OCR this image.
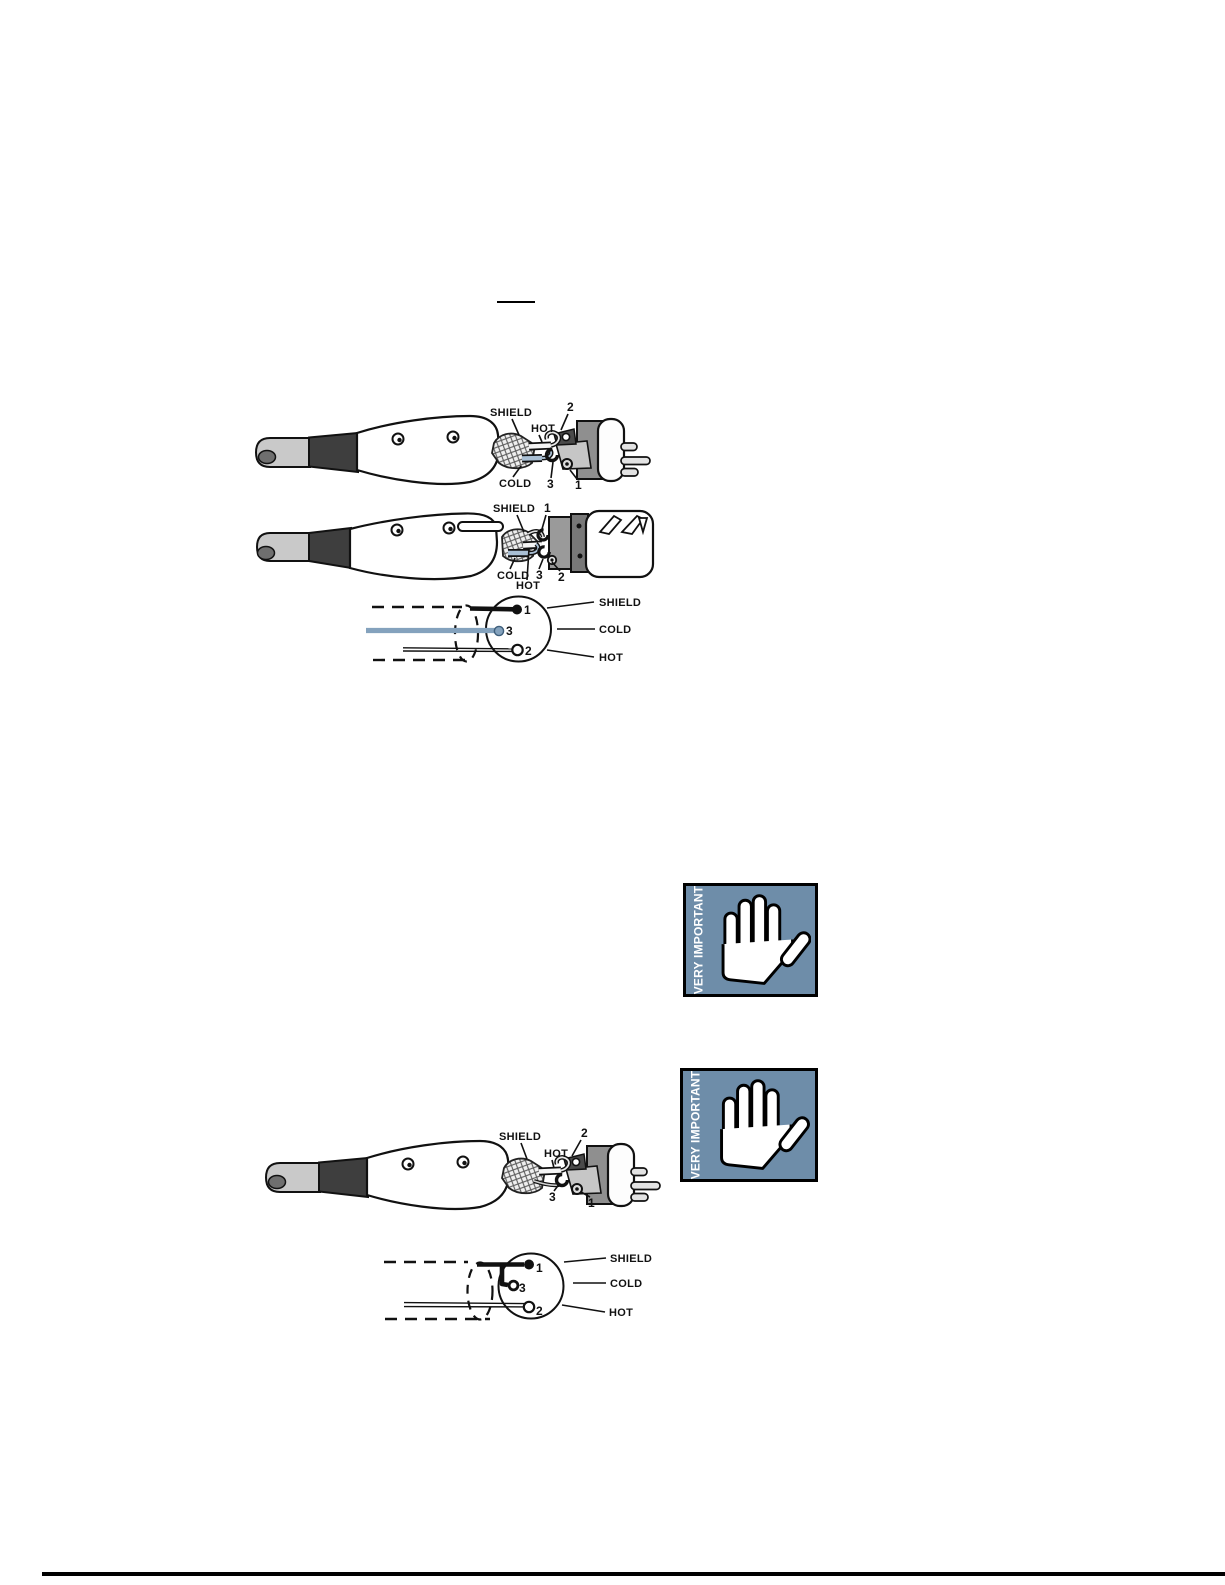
SHIELD	2
HOT
COLD 3 1
SHIELD 1
COLD 3
HOT
2
1
3
2
SHIELD
COLD
HOT
VERY IMPORTANT
VERY IMPORTANT
SHIELD
HOT
2
3	1
1
3
2
SHIELD
COLD
HOT
